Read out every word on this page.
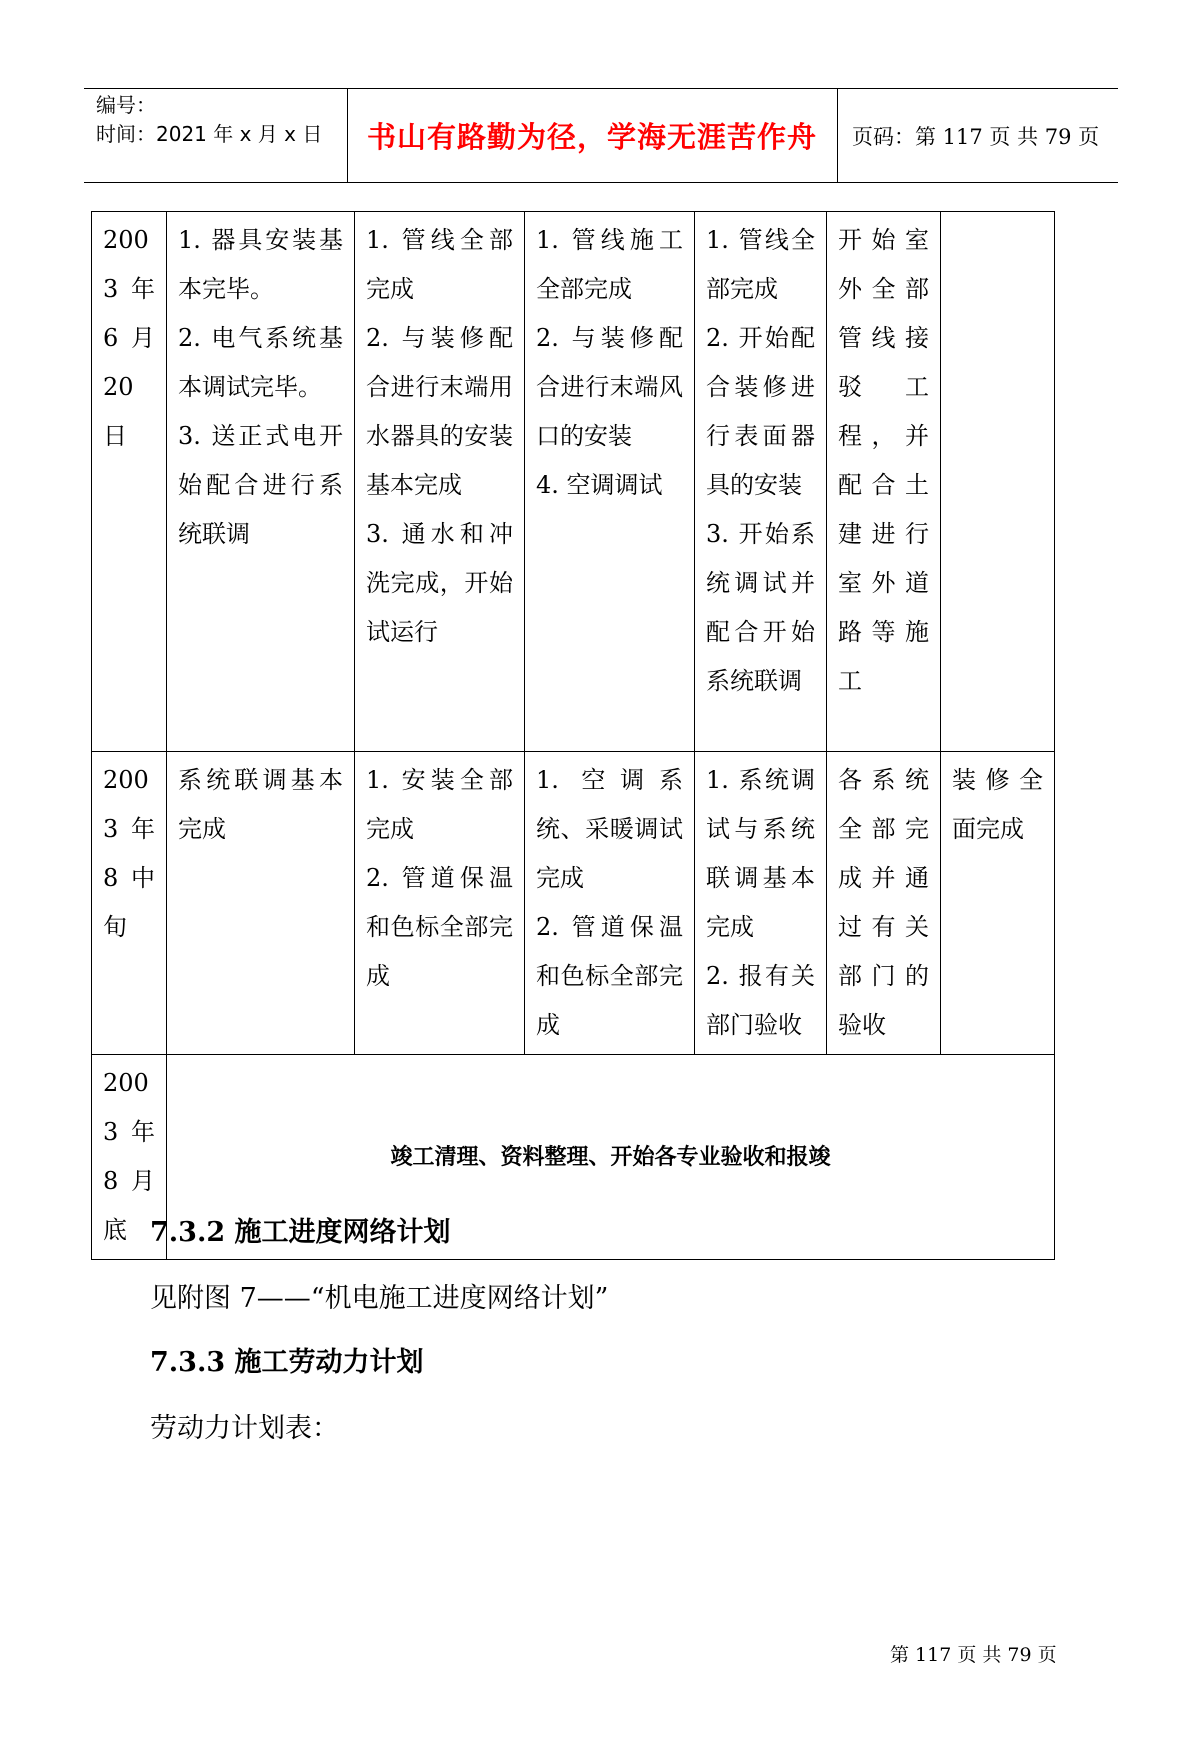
编号：
时间：2021 年 x 月 x 日	书山有路勤为径，学海无涯苦作舟	页码：第 117 页 共 79 页
2003 年 6 月 20 日	1. 器具安装基本完毕。
2. 电气系统基本调试完毕。
3. 送正式电开始配合进行系统联调	1. 管线全部完成
2. 与装修配合进行末端用水器具的安装基本完成
3. 通水和冲洗完成，开始试运行	1. 管线施工全部完成
2. 与装修配合进行末端风口的安装
4. 空调调试	1. 管线全部完成
2. 开始配合装修进行表面器具的安装
3. 开始系统调试并配合开始系统联调	开始室外全部管线接驳工程，并配合土建进行室外道路等施工	
2003 年 8 中旬	系统联调基本完成	1. 安装全部完成
2. 管道保温和色标全部完成	1. 空调系统、采暖调试完成
2. 管道保温和色标全部完成	1. 系统调试与系统联调基本完成
2. 报有关部门验收	各系统全部完成并通过有关部门的验收	装修全面完成
2003 年 8 月底	竣工清理、资料整理、开始各专业验收和报竣					
7.3.2 施工进度网络计划
见附图 7——“机电施工进度网络计划”
7.3.3 施工劳动力计划
劳动力计划表：
第 117 页 共 79 页
